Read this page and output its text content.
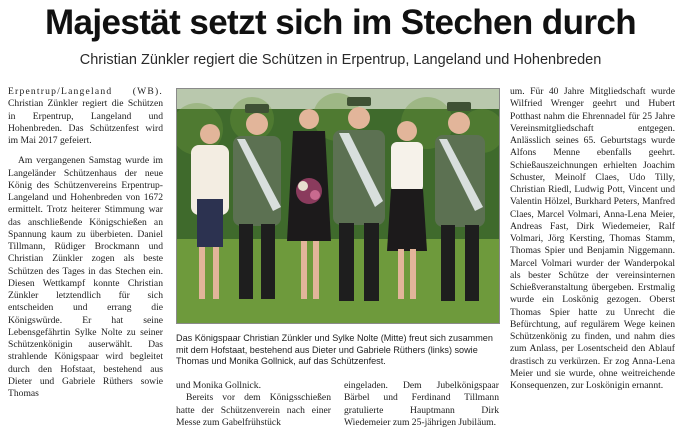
Majestät setzt sich im Stechen durch
Christian Zünkler regiert die Schützen in Erpentrup, Langeland und Hohenbreden

Erpentrup/Langeland (WB). Christian Zünkler regiert die Schützen in Erpentrup, Langeland und Hohenbreden. Das Schützenfest wird im Mai 2017 gefeiert.

Am vergangenen Samstag wurde im Langeländer Schützenhaus der neue König des Schützenvereins Erpentrup-Langeland und Hohenbreden von 1672 ermittelt. Trotz heiterer Stimmung war das anschließende Königschießen an Spannung kaum zu überbieten. Daniel Tillmann, Rüdiger Brockmann und Christian Zünkler zogen als beste Schützen des Tages in das Stechen ein. Diesen Wettkampf konnte Christian Zünkler letztendlich für sich entscheiden und errang die Königswürde. Er hat seine Lebensgefährtin Sylke Nolte zu seiner Schützenkönigin auserwählt. Das strahlende Königspaar wird begleitet durch den Hofstaat, bestehend aus Dieter und Gabriele Rüthers sowie Thomas

Das Königspaar Christian Zünkler und Sylke Nolte (Mitte) freut sich zusammen mit dem Hofstaat, bestehend aus Dieter und Gabriele Rüthers (links) sowie Thomas und Monika Gollnick, auf das Schützenfest.

und Monika Gollnick.

Bereits vor dem Königsschießen hatte der Schützenverein nach einer Messe zum Gabelfrühstück

eingeladen. Dem Jubelkönigspaar Bärbel und Ferdinand Tillmann gratulierte Hauptmann Dirk Wiedemeier zum 25-jährigen Jubiläum.

um. Für 40 Jahre Mitgliedschaft wurde Wilfried Wrenger geehrt und Hubert Potthast nahm die Ehrennadel für 25 Jahre Vereinsmitgliedschaft entgegen. Anlässlich seines 65. Geburtstags wurde Alfons Menne ebenfalls geehrt. Schießauszeichnungen erhielten Joachim Schuster, Meinolf Claes, Udo Tilly, Christian Riedl, Ludwig Pott, Vincent und Valentin Hölzel, Burkhard Peters, Manfred Claes, Marcel Volmari, Anna-Lena Meier, Andreas Fast, Dirk Wiedemeier, Ralf Volmari, Jörg Kersting, Thomas Stamm, Thomas Spier und Benjamin Niggemann. Marcel Volmari wurder der Wanderpokal als bester Schütze der vereinsinternen Schießveranstaltung übergeben. Erstmalig wurde ein Loskönig gezogen. Oberst Thomas Spier hatte zu Unrecht die Befürchtung, auf regulärem Wege keinen Schützenkönig zu finden, und nahm dies zum Anlass, per Losentscheid den Ablauf drastisch zu verkürzen. Er zog Anna-Lena Meier und sie wurde, ohne weitreichende Konsequenzen, zur Loskönigin ernannt.
